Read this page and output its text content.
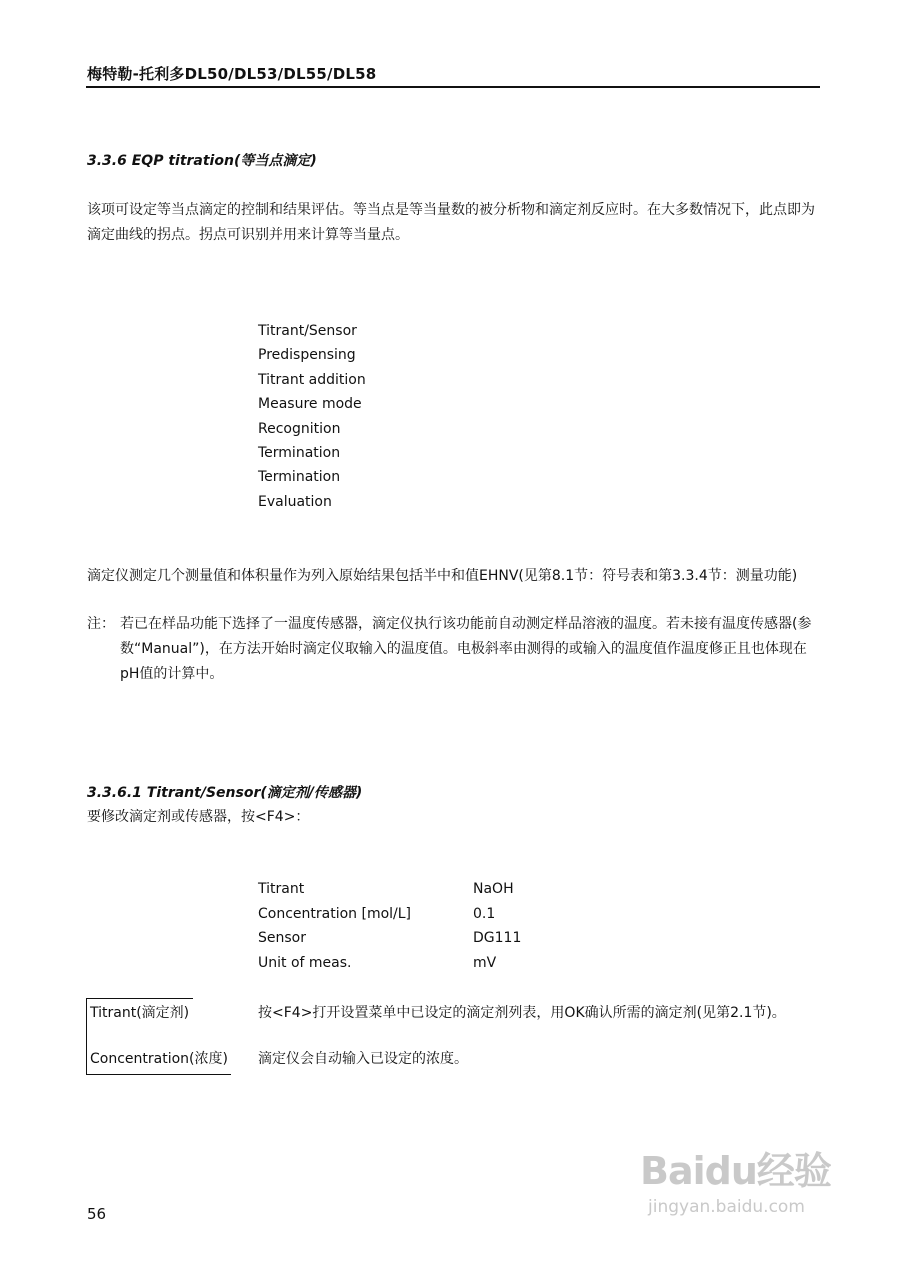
梅特勒-托利多DL50/DL53/DL55/DL58
3.3.6 EQP titration(等当点滴定)
该项可设定等当点滴定的控制和结果评估。等当点是等当量数的被分析物和滴定剂反应时。在大多数情况下，此点即为滴定曲线的拐点。拐点可识别并用来计算等当量点。
Titrant/Sensor
Predispensing
Titrant addition
Measure mode
Recognition
Termination
Termination
Evaluation
滴定仪测定几个测量值和体积量作为列入原始结果包括半中和值EHNV(见第8.1节：符号表和第3.3.4节：测量功能)
注： 若已在样品功能下选择了一温度传感器，滴定仪执行该功能前自动测定样品溶液的温度。若未接有温度传感器(参数“Manual”)，在方法开始时滴定仪取输入的温度值。电极斜率由测得的或输入的温度值作温度修正且也体现在pH值的计算中。
3.3.6.1 Titrant/Sensor(滴定剂/传感器)
要修改滴定剂或传感器，按<F4>：
Titrant	NaOH
Concentration [mol/L]	0.1
Sensor	DG111
Unit of meas.	mV
Titrant(滴定剂)	按<F4>打开设置菜单中已设定的滴定剂列表，用OK确认所需的滴定剂(见第2.1节)。
Concentration(浓度) 滴定仪会自动输入已设定的浓度。
56
Baidu经验
jingyan.baidu.com
